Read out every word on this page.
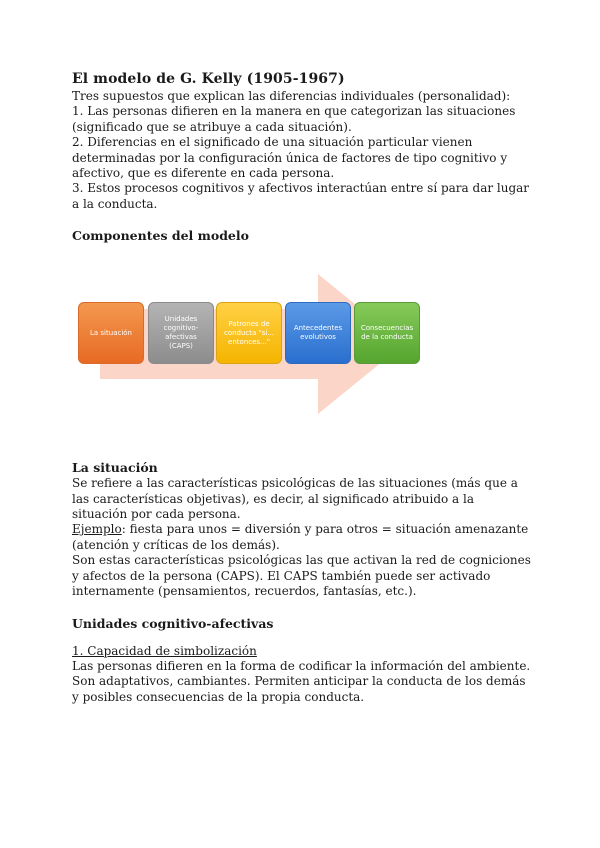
El modelo de G. Kelly (1905-1967)

Tres supuestos que explican las diferencias individuales (personalidad):

1. Las personas difieren en la manera en que categorizan las situaciones (significado que se atribuye a cada situación).

2. Diferencias en el significado de una situación particular vienen determinadas por la configuración única de factores de tipo cognitivo y afectivo, que es diferente en cada persona.

3. Estos procesos cognitivos y afectivos interactúan entre sí para dar lugar a la conducta.

Componentes del modelo
La situación
Unidades cognitivo-afectivas (CAPS)
Patrones de conducta "si... entonces..."
Antecedentes evolutivos
Consecuencias de la conducta
La situación

Se refiere a las características psicológicas de las situaciones (más que a las características objetivas), es decir, al significado atribuido a la situación por cada persona.

Ejemplo: fiesta para unos = diversión y para otros = situación amenazante (atención y críticas de los demás).

Son estas características psicológicas las que activan la red de cogniciones y afectos de la persona (CAPS). El CAPS también puede ser activado internamente (pensamientos, recuerdos, fantasías, etc.).

Unidades cognitivo-afectivas

1. Capacidad de simbolización

Las personas difieren en la forma de codificar la información del ambiente. Son adaptativos, cambiantes. Permiten anticipar la conducta de los demás y posibles consecuencias de la propia conducta.
